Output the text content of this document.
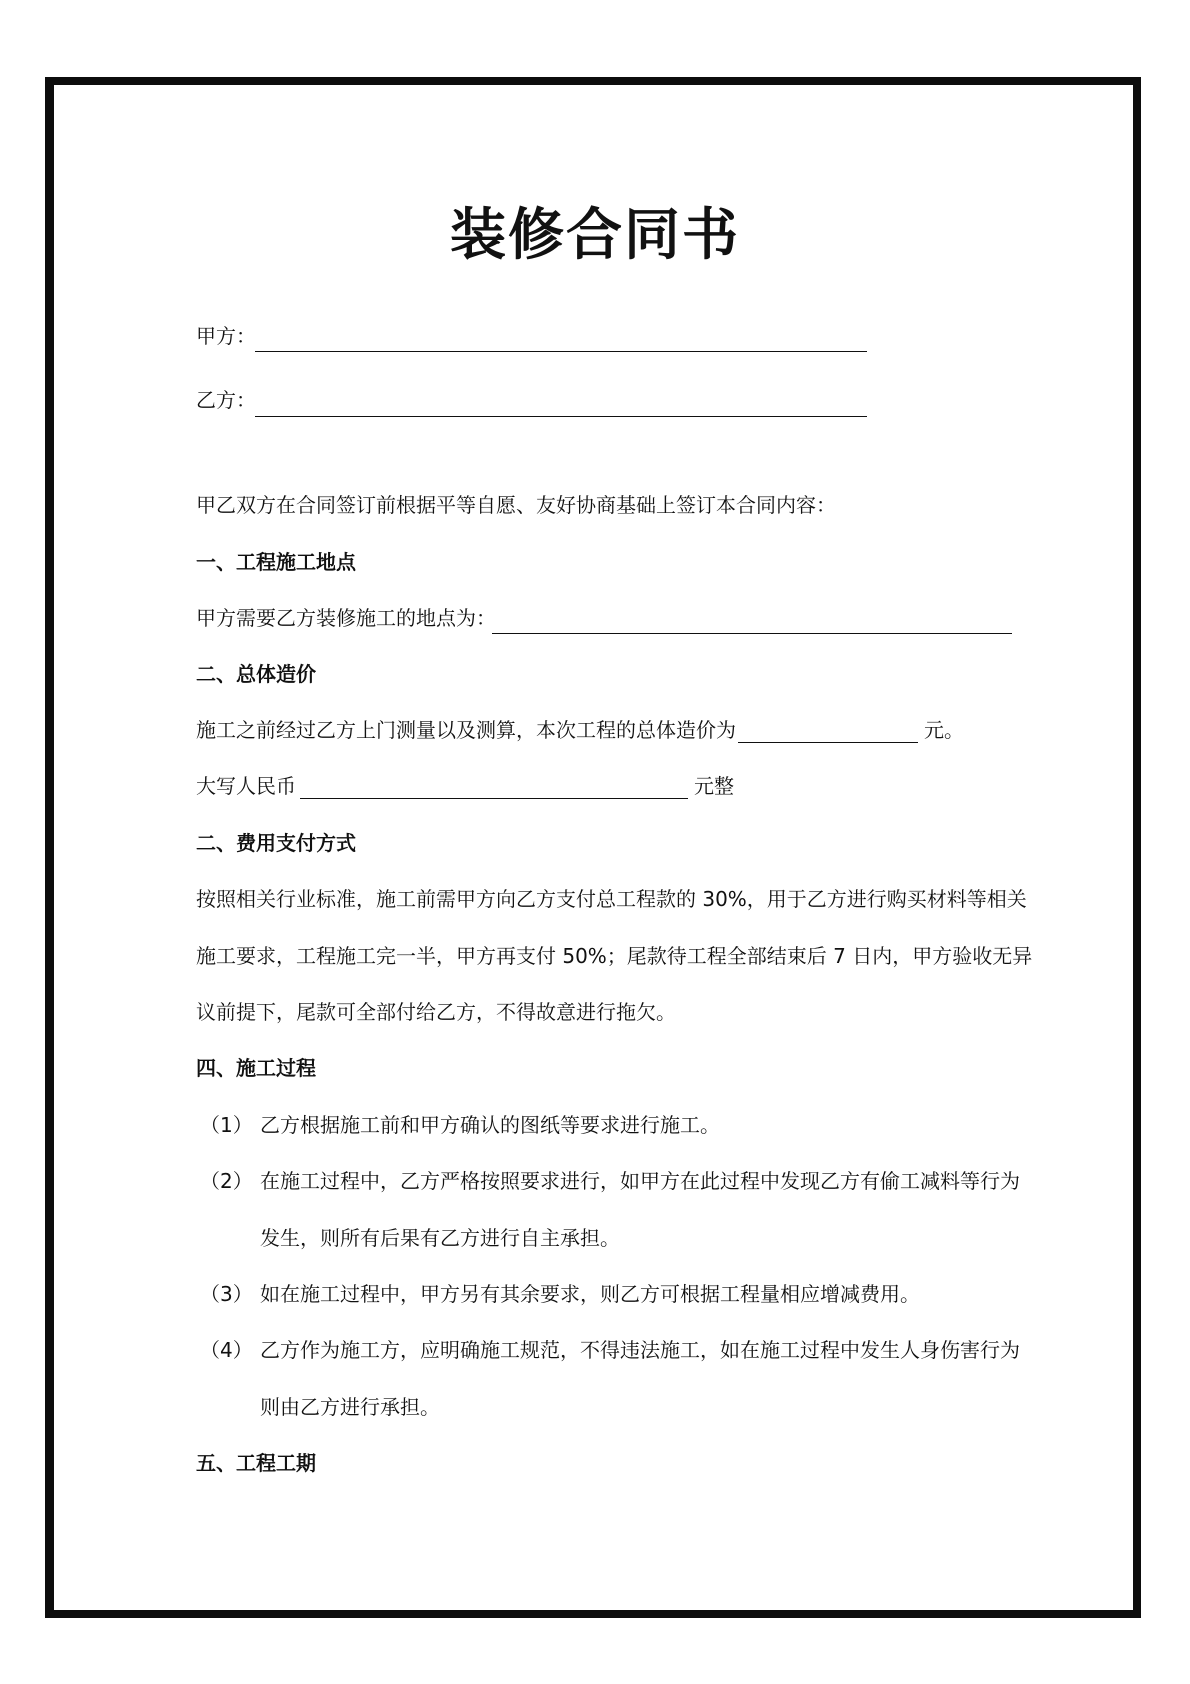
装修合同书
甲方：
乙方：
甲乙双方在合同签订前根据平等自愿、友好协商基础上签订本合同内容：
一、工程施工地点
甲方需要乙方装修施工的地点为：
二、总体造价
施工之前经过乙方上门测量以及测算，本次工程的总体造价为	元。
大写人民币	元整
二、费用支付方式
按照相关行业标准，施工前需甲方向乙方支付总工程款的 30%，用于乙方进行购买材料等相关
施工要求，工程施工完一半，甲方再支付 50%；尾款待工程全部结束后 7 日内，甲方验收无异
议前提下，尾款可全部付给乙方，不得故意进行拖欠。
四、施工过程
（1） 乙方根据施工前和甲方确认的图纸等要求进行施工。
（2） 在施工过程中，乙方严格按照要求进行，如甲方在此过程中发现乙方有偷工减料等行为
发生，则所有后果有乙方进行自主承担。
（3） 如在施工过程中，甲方另有其余要求，则乙方可根据工程量相应增减费用。
（4） 乙方作为施工方，应明确施工规范，不得违法施工，如在施工过程中发生人身伤害行为
则由乙方进行承担。
五、工程工期
